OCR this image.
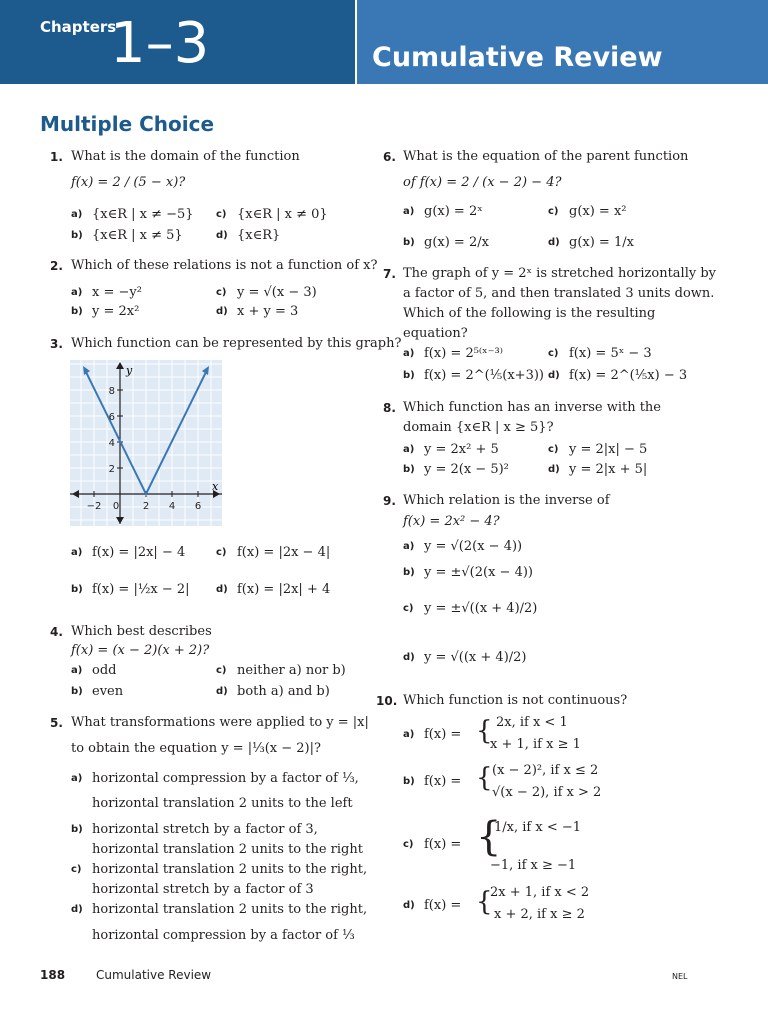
Chapters
1–3	Cumulative Review
Multiple Choice
1. What is the domain of the function
f(x) = 2 / (5 − x)?
a) {x∈R | x ≠ −5} c) {x∈R | x ≠ 0}
b) {x∈R | x ≠ 5}	d) {x∈R}
2. Which of these relations is not a function of x?
a) x = −y²	c) y = √(x − 3)
b) y = 2x²	d) x + y = 3
3. Which function can be represented by this graph?
−2 0 2 4 6
2
4
6
8
y
x
a) f(x) = |2x| − 4	c) f(x) = |2x − 4|
b) f(x) = |½x − 2|	d) f(x) = |2x| + 4
4. Which best describes
f(x) = (x − 2)(x + 2)?
a) odd	c) neither a) nor b)
b) even	d) both a) and b)
5. What transformations were applied to y = |x|
to obtain the equation y = |⅓(x − 2)|?
a) horizontal compression by a factor of ⅓,
horizontal translation 2 units to the left
b) horizontal stretch by a factor of 3,
horizontal translation 2 units to the right
c) horizontal translation 2 units to the right,
horizontal stretch by a factor of 3
d) horizontal translation 2 units to the right,
horizontal compression by a factor of ⅓
6. What is the equation of the parent function
of f(x) = 2 / (x − 2) − 4?
a) g(x) = 2ˣ	c) g(x) = x²
b) g(x) = 2/x	d) g(x) = 1/x
7. The graph of y = 2ˣ is stretched horizontally by
a factor of 5, and then translated 3 units down.
Which of the following is the resulting
equation?
a) f(x) = 2⁵⁽ˣ⁻³⁾	c) f(x) = 5ˣ − 3
b) f(x) = 2^(⅕(x+3)) d) f(x) = 2^(⅕x) − 3
8. Which function has an inverse with the
domain {x∈R | x ≥ 5}?
a) y = 2x² + 5	c) y = 2|x| − 5
b) y = 2(x − 5)²	d) y = 2|x + 5|
9. Which relation is the inverse of
f(x) = 2x² − 4?
a) y = √(2(x − 4))
b) y = ±√(2(x − 4))
c) y = ±√((x + 4)/2)
d) y = √((x + 4)/2)
10. Which function is not continuous?
a) f(x) = { 2x, if x < 1
x + 1, if x ≥ 1
b) f(x) = { (x − 2)², if x ≤ 2
√(x − 2), if x > 2
c) f(x) = {
1/x, if x < −1
−1, if x ≥ −1
d) f(x) = {
2x + 1, if x < 2
x + 2, if x ≥ 2
188	Cumulative Review	NEL
